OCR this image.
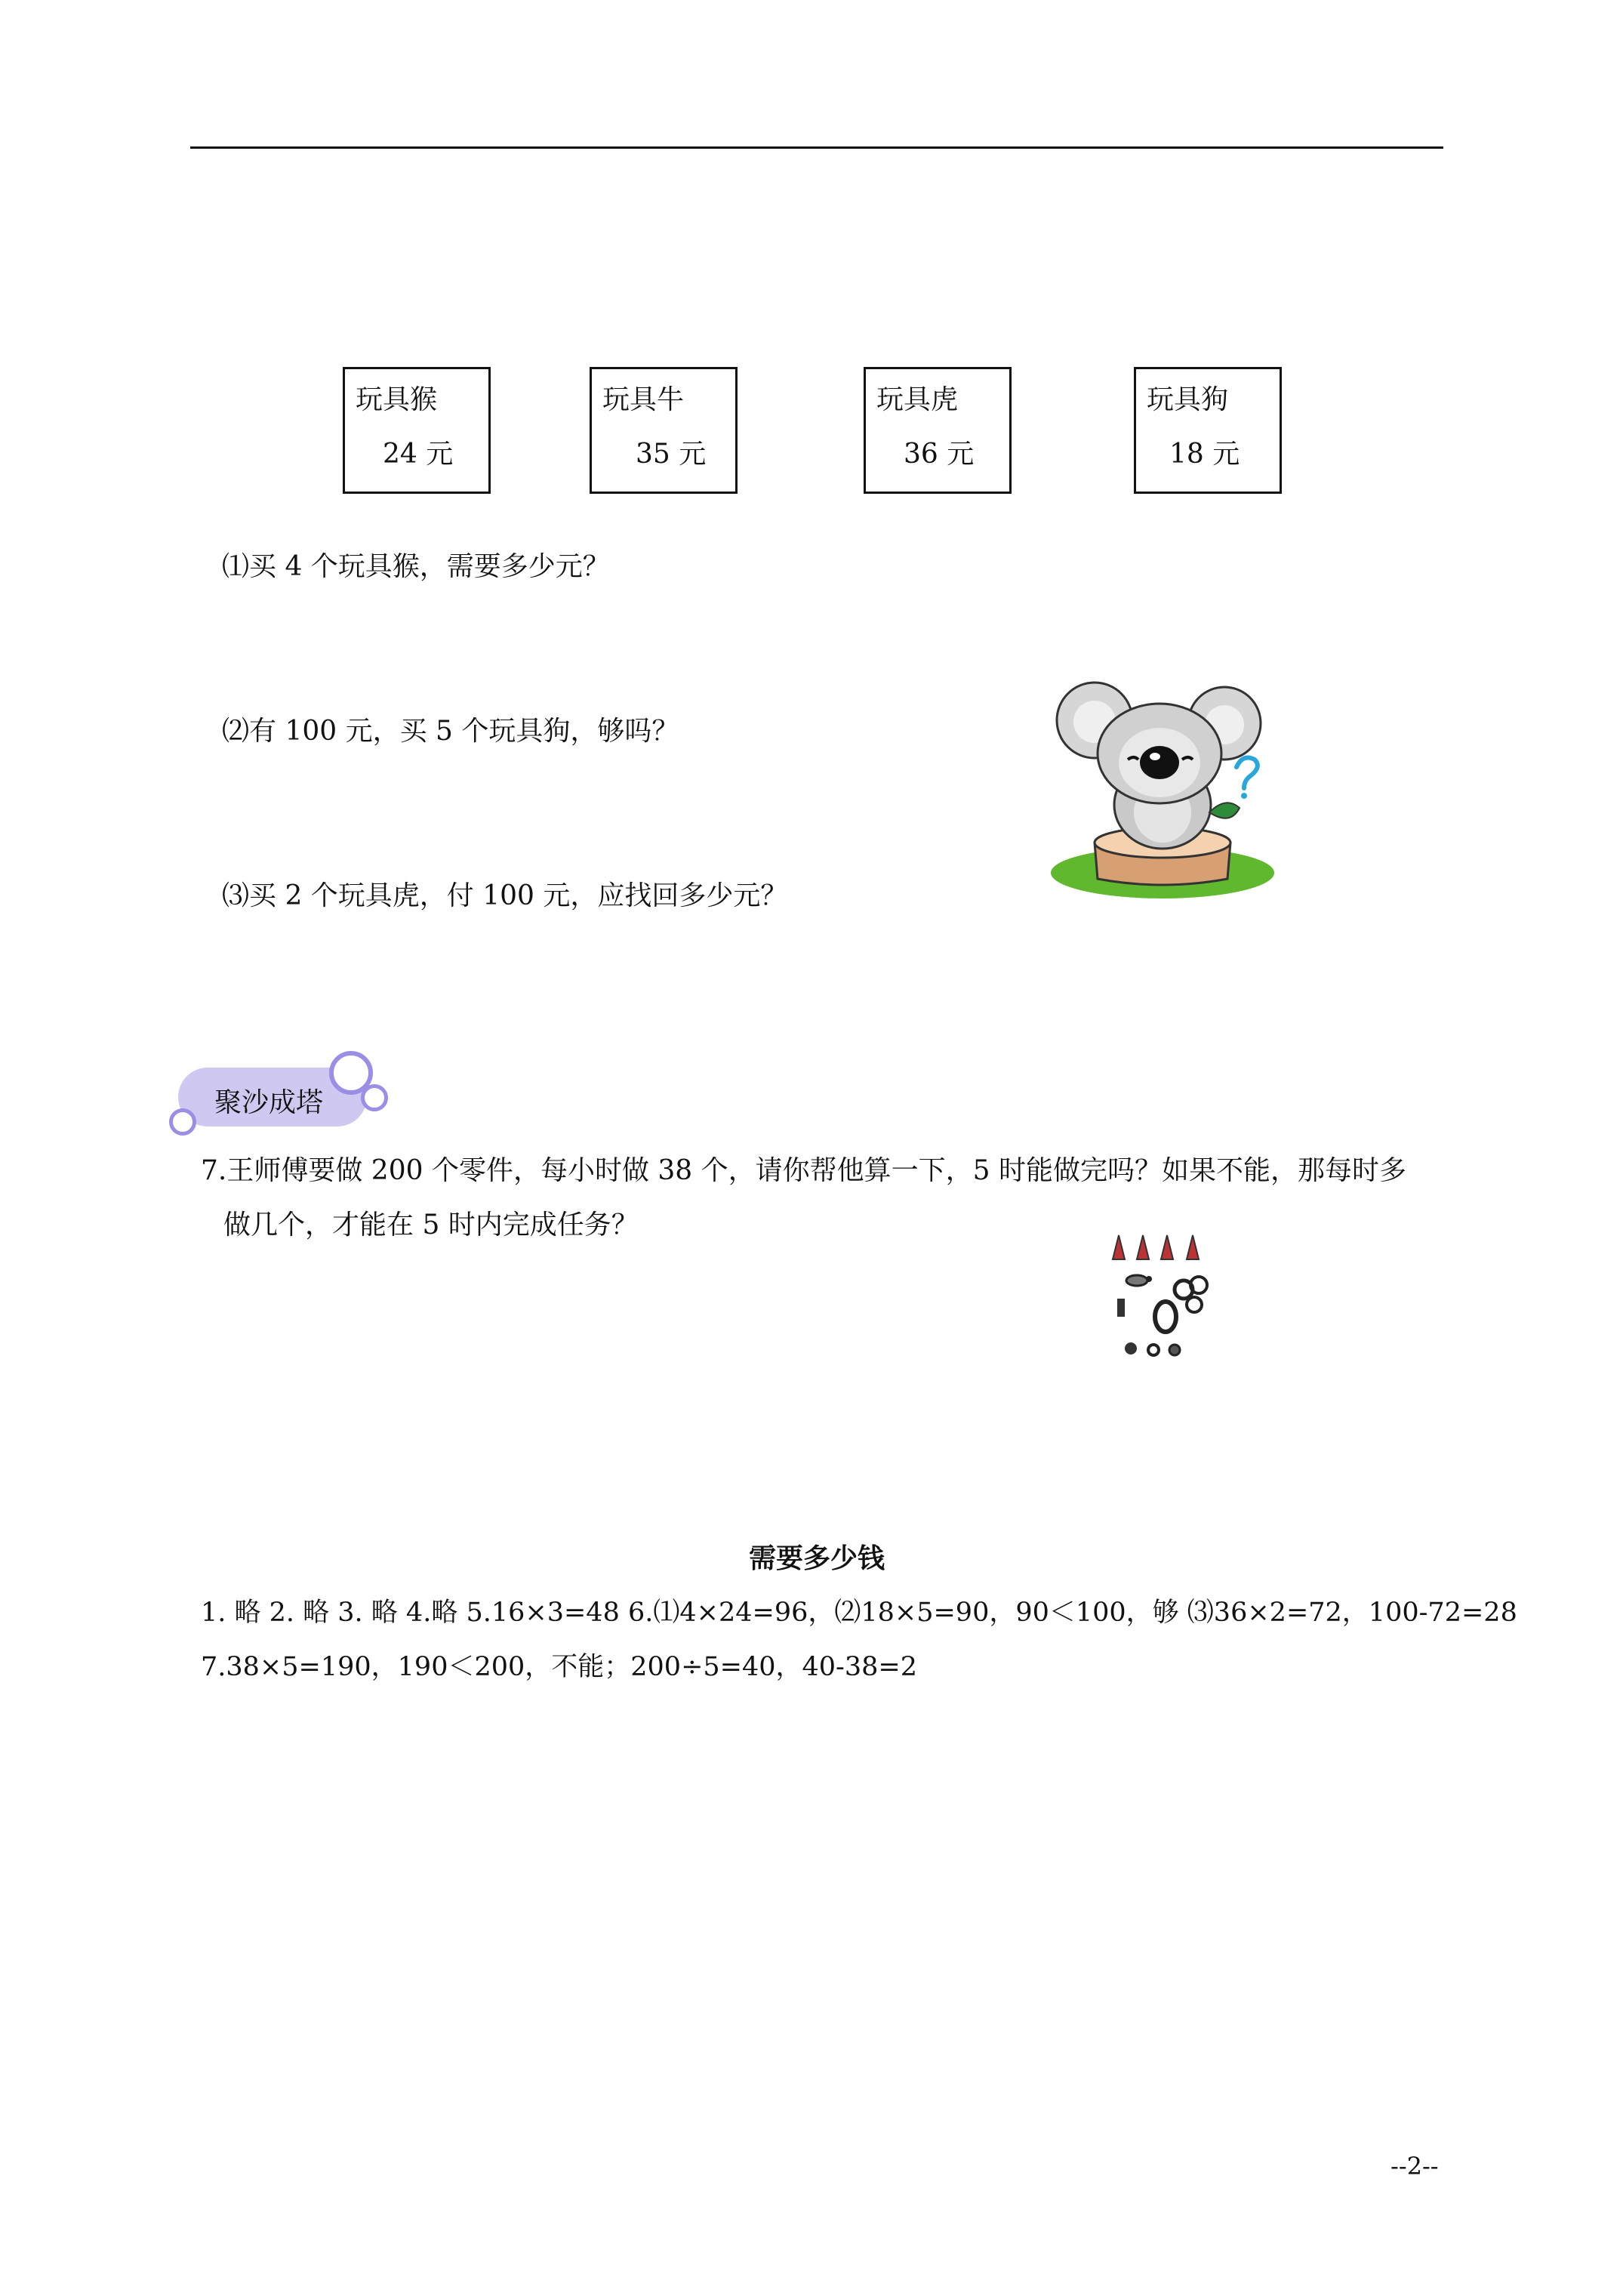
玩具猴
24 元
玩具牛
35 元
玩具虎
36 元
玩具狗
18 元
⑴买 4 个玩具猴，需要多少元？
⑵有 100 元，买 5 个玩具狗，够吗？
⑶买 2 个玩具虎，付 100 元，应找回多少元？
聚沙成塔
7.王师傅要做 200 个零件，每小时做 38 个，请你帮他算一下，5 时能做完吗？如果不能，那每时多
做几个，才能在 5 时内完成任务？
需要多少钱
1. 略 2. 略 3. 略 4.略 5.16×3=48 6.⑴4×24=96，⑵18×5=90，90＜100，够 ⑶36×2=72，100-72=28
7.38×5=190，190＜200，不能；200÷5=40，40-38=2
--2--
